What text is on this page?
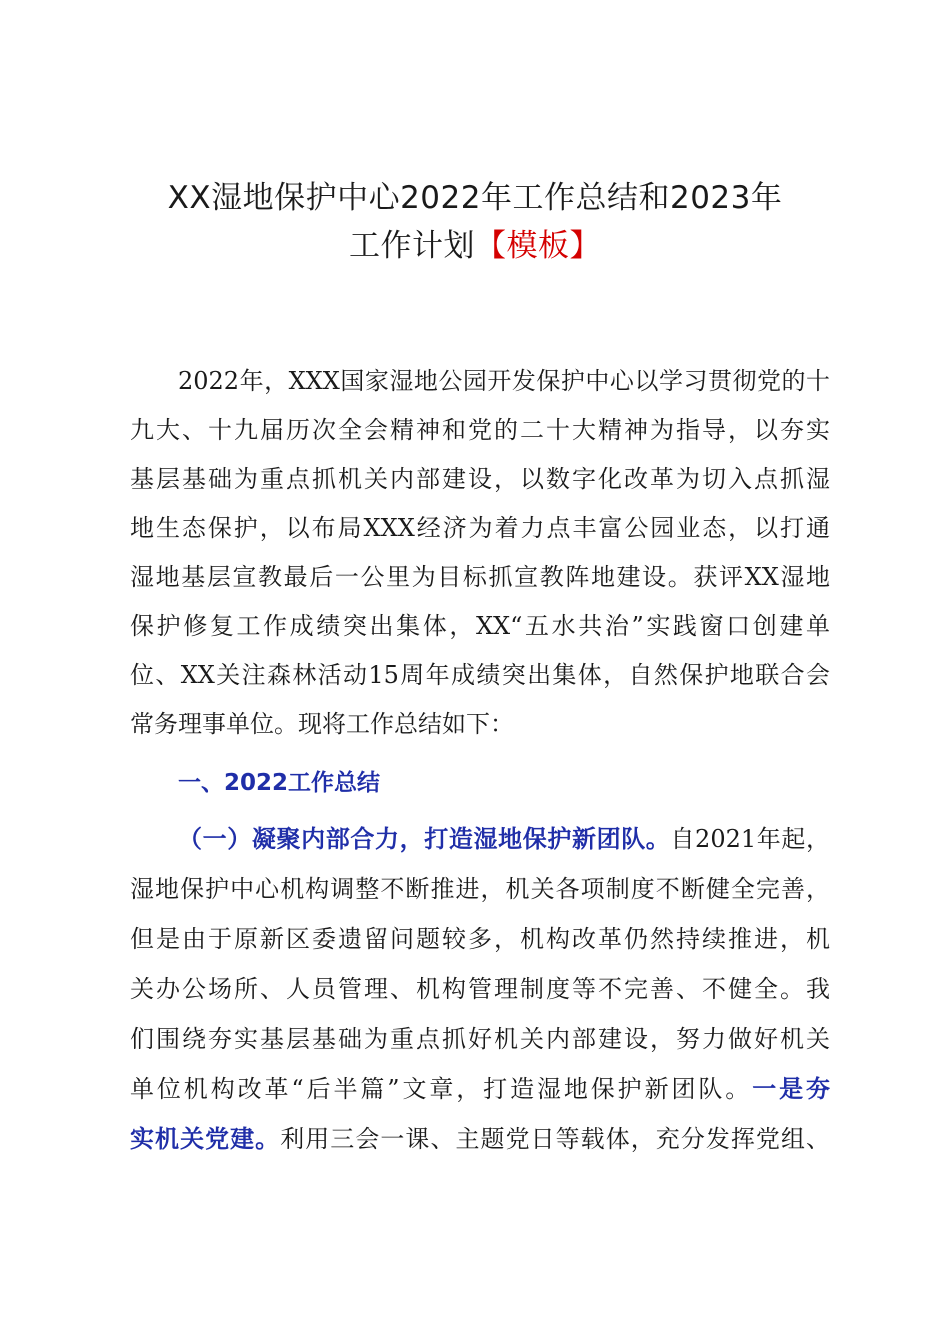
XX湿地保护中心2022年工作总结和2023年
工作计划【模板】
2022年，XXX国家湿地公园开发保护中心以学习贯彻党的十
九大、十九届历次全会精神和党的二十大精神为指导，以夯实
基层基础为重点抓机关内部建设，以数字化改革为切入点抓湿
地生态保护，以布局XXX经济为着力点丰富公园业态，以打通
湿地基层宣教最后一公里为目标抓宣教阵地建设。获评XX湿地
保护修复工作成绩突出集体，XX“五水共治”实践窗口创建单
位、XX关注森林活动15周年成绩突出集体，自然保护地联合会
常务理事单位。现将工作总结如下：
一、2022工作总结
（一）凝聚内部合力，打造湿地保护新团队。自2021年起，
湿地保护中心机构调整不断推进，机关各项制度不断健全完善，
但是由于原新区委遗留问题较多，机构改革仍然持续推进，机
关办公场所、人员管理、机构管理制度等不完善、不健全。我
们围绕夯实基层基础为重点抓好机关内部建设，努力做好机关
单位机构改革“后半篇”文章，打造湿地保护新团队。一是夯
实机关党建。利用三会一课、主题党日等载体，充分发挥党组、
